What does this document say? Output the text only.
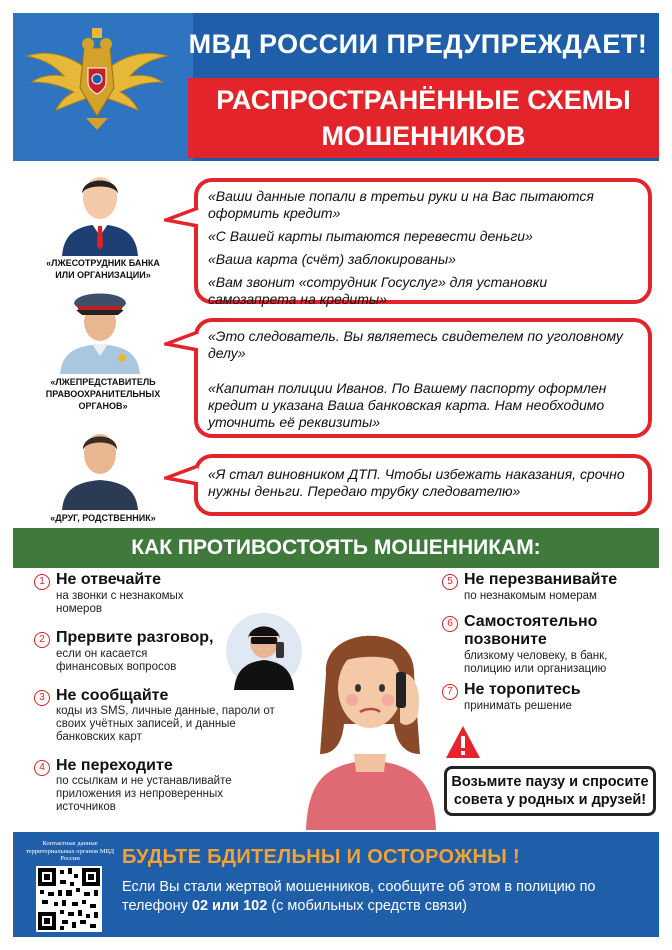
МВД РОССИИ ПРЕДУПРЕЖДАЕТ!
РАСПРОСТРАНЁННЫЕ СХЕМЫ
МОШЕННИКОВ
«ЛЖЕСОТРУДНИК БАНКА
ИЛИ ОРГАНИЗАЦИИ»

«Ваши данные попали в третьи руки и на Вас пытаются оформить кредит»

«С Вашей карты пытаются перевести деньги»

«Ваша карта (счёт) заблокированы»

«Вам звонит «сотрудник Госуслуг» для установки самозапрета на кредиты»

«ЛЖЕПРЕДСТАВИТЕЛЬ
ПРАВООХРАНИТЕЛЬНЫХ
ОРГАНОВ»

«Это следователь. Вы являетесь свидетелем по уголовному делу»

«Капитан полиции Иванов. По Вашему паспорту оформлен кредит и указана Ваша банковская карта. Нам необходимо уточнить её реквизиты»

«ДРУГ, РОДСТВЕННИК»

«Я стал виновником ДТП. Чтобы избежать наказания, срочно нужны деньги. Передаю трубку следователю»

КАК ПРОТИВОСТОЯТЬ МОШЕННИКАМ:
1 Не отвечайте
на звонки с незнакомых номеров
2 Прервите разговор,
если он касается финансовых вопросов
3 Не сообщайте
коды из SMS, личные данные, пароли от своих учётных записей, и данные банковских карт
4 Не переходите
по ссылкам и не устанавливайте приложения из непроверенных источников
5 Не перезванивайте
по незнакомым номерам
6 Самостоятельно позвоните
близкому человеку, в банк, полицию или организацию
7 Не торопитесь
принимать решение
Возьмите паузу и спросите совета у родных и друзей!
Контактные данные территориальных органов МВД России	БУДЬТЕ БДИТЕЛЬНЫ И ОСТОРОЖНЫ !
Если Вы стали жертвой мошенников, сообщите об этом в полицию по телефону 02 или 102 (с мобильных средств связи)
